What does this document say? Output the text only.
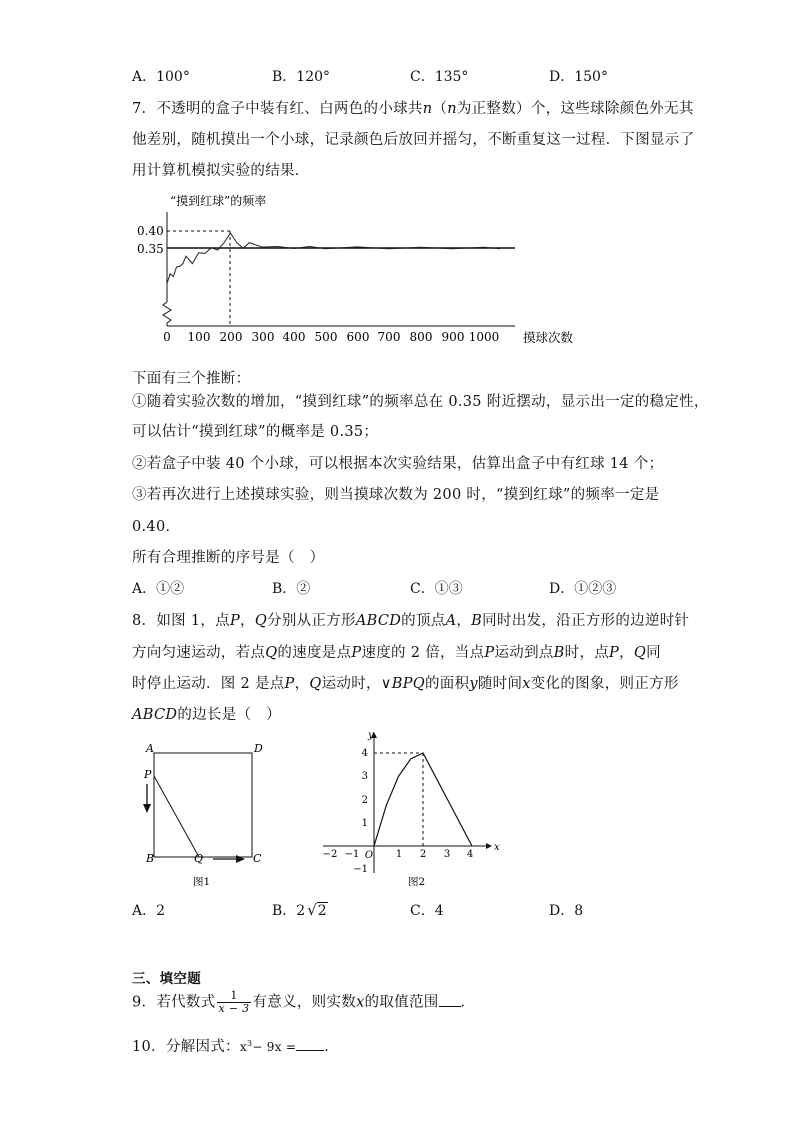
A．100°	B．120°	C．135°	D．150°
7．不透明的盒子中装有红、白两色的小球共n（n为正整数）个，这些球除颜色外无其
他差别，随机摸出一个小球，记录颜色后放回并摇匀，不断重复这一过程．下图显示了
用计算机模拟实验的结果．
“摸到红球”的频率
0.40
0.35
0 100 200 300 400 500 600 700 800 900 1000 摸球次数
下面有三个推断：
①随着实验次数的增加，“摸到红球”的频率总在 0.35 附近摆动，显示出一定的稳定性，
可以估计“摸到红球”的概率是 0.35；
②若盒子中装 40 个小球，可以根据本次实验结果，估算出盒子中有红球 14 个；
③若再次进行上述摸球实验，则当摸球次数为 200 时，“摸到红球”的频率一定是
0.40．
所有合理推断的序号是（　）
A．①②	B．②	C．①③	D．①②③
8．如图 1，点P，Q分别从正方形ABCD的顶点A，B同时出发，沿正方形的边逆时针
方向匀速运动，若点Q的速度是点P速度的 2 倍，当点P运动到点B时，点P，Q同
时停止运动．图 2 是点P，Q运动时，∨BPQ的面积y随时间x变化的图象，则正方形
ABCD的边长是（　）
A	D
P
B	Q	C
图1
x
y
−2 −1 O 1 2 3 4
4
3
2
1
−1
图2
A．2	B．2 √2	C．4	D．8
三、填空题
9．若代数式 $\frac{1}{x - 3}$ 有意义，则实数x的取值范围 ．
10．分解因式：$x^3- 9x$ = ．
